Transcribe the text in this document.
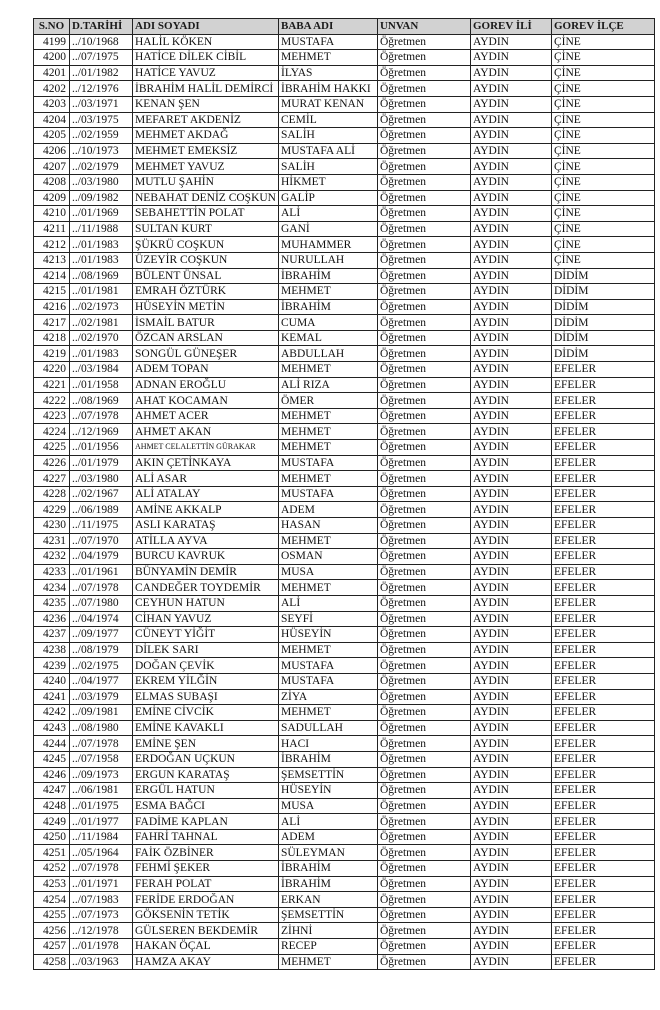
S.NO	D.TARİHİ	ADI SOYADI	BABA ADI	UNVAN	GOREV İLİ	GOREV İLÇE
4199	../10/1968	HALİL KÖKEN	MUSTAFA	Öğretmen	AYDIN	ÇİNE
4200	../07/1975	HATİCE DİLEK CİBİL	MEHMET	Öğretmen	AYDIN	ÇİNE
4201	../01/1982	HATİCE YAVUZ	İLYAS	Öğretmen	AYDIN	ÇİNE
4202	../12/1976	İBRAHİM HALİL DEMİRCİ	İBRAHİM HAKKI	Öğretmen	AYDIN	ÇİNE
4203	../03/1971	KENAN ŞEN	MURAT KENAN	Öğretmen	AYDIN	ÇİNE
4204	../03/1975	MEFARET AKDENİZ	CEMİL	Öğretmen	AYDIN	ÇİNE
4205	../02/1959	MEHMET AKDAĞ	SALİH	Öğretmen	AYDIN	ÇİNE
4206	../10/1973	MEHMET EMEKSİZ	MUSTAFA ALİ	Öğretmen	AYDIN	ÇİNE
4207	../02/1979	MEHMET YAVUZ	SALİH	Öğretmen	AYDIN	ÇİNE
4208	../03/1980	MUTLU ŞAHİN	HİKMET	Öğretmen	AYDIN	ÇİNE
4209	../09/1982	NEBAHAT DENİZ COŞKUN	GALİP	Öğretmen	AYDIN	ÇİNE
4210	../01/1969	SEBAHETTİN POLAT	ALİ	Öğretmen	AYDIN	ÇİNE
4211	../11/1988	SULTAN KURT	GANİ	Öğretmen	AYDIN	ÇİNE
4212	../01/1983	ŞÜKRÜ COŞKUN	MUHAMMER	Öğretmen	AYDIN	ÇİNE
4213	../01/1983	ÜZEYİR COŞKUN	NURULLAH	Öğretmen	AYDIN	ÇİNE
4214	../08/1969	BÜLENT ÜNSAL	İBRAHİM	Öğretmen	AYDIN	DİDİM
4215	../01/1981	EMRAH ÖZTÜRK	MEHMET	Öğretmen	AYDIN	DİDİM
4216	../02/1973	HÜSEYİN METİN	İBRAHİM	Öğretmen	AYDIN	DİDİM
4217	../02/1981	İSMAİL BATUR	CUMA	Öğretmen	AYDIN	DİDİM
4218	../02/1970	ÖZCAN ARSLAN	KEMAL	Öğretmen	AYDIN	DİDİM
4219	../01/1983	SONGÜL GÜNEŞER	ABDULLAH	Öğretmen	AYDIN	DİDİM
4220	../03/1984	ADEM TOPAN	MEHMET	Öğretmen	AYDIN	EFELER
4221	../01/1958	ADNAN EROĞLU	ALİ RIZA	Öğretmen	AYDIN	EFELER
4222	../08/1969	AHAT KOCAMAN	ÖMER	Öğretmen	AYDIN	EFELER
4223	../07/1978	AHMET ACER	MEHMET	Öğretmen	AYDIN	EFELER
4224	../12/1969	AHMET AKAN	MEHMET	Öğretmen	AYDIN	EFELER
4225	../01/1956	AHMET CELALETTİN GÜRAKAR	MEHMET	Öğretmen	AYDIN	EFELER
4226	../01/1979	AKIN ÇETİNKAYA	MUSTAFA	Öğretmen	AYDIN	EFELER
4227	../03/1980	ALİ ASAR	MEHMET	Öğretmen	AYDIN	EFELER
4228	../02/1967	ALİ ATALAY	MUSTAFA	Öğretmen	AYDIN	EFELER
4229	../06/1989	AMİNE AKKALP	ADEM	Öğretmen	AYDIN	EFELER
4230	../11/1975	ASLI KARATAŞ	HASAN	Öğretmen	AYDIN	EFELER
4231	../07/1970	ATİLLA AYVA	MEHMET	Öğretmen	AYDIN	EFELER
4232	../04/1979	BURCU KAVRUK	OSMAN	Öğretmen	AYDIN	EFELER
4233	../01/1961	BÜNYAMİN DEMİR	MUSA	Öğretmen	AYDIN	EFELER
4234	../07/1978	CANDEĞER TOYDEMİR	MEHMET	Öğretmen	AYDIN	EFELER
4235	../07/1980	CEYHUN HATUN	ALİ	Öğretmen	AYDIN	EFELER
4236	../04/1974	CİHAN YAVUZ	SEYFİ	Öğretmen	AYDIN	EFELER
4237	../09/1977	CÜNEYT YİĞİT	HÜSEYİN	Öğretmen	AYDIN	EFELER
4238	../08/1979	DİLEK SARI	MEHMET	Öğretmen	AYDIN	EFELER
4239	../02/1975	DOĞAN ÇEVİK	MUSTAFA	Öğretmen	AYDIN	EFELER
4240	../04/1977	EKREM YİLĞİN	MUSTAFA	Öğretmen	AYDIN	EFELER
4241	../03/1979	ELMAS SUBAŞI	ZİYA	Öğretmen	AYDIN	EFELER
4242	../09/1981	EMİNE CİVCİK	MEHMET	Öğretmen	AYDIN	EFELER
4243	../08/1980	EMİNE KAVAKLI	SADULLAH	Öğretmen	AYDIN	EFELER
4244	../07/1978	EMİNE ŞEN	HACI	Öğretmen	AYDIN	EFELER
4245	../07/1958	ERDOĞAN UÇKUN	İBRAHİM	Öğretmen	AYDIN	EFELER
4246	../09/1973	ERGUN KARATAŞ	ŞEMSETTİN	Öğretmen	AYDIN	EFELER
4247	../06/1981	ERGÜL HATUN	HÜSEYİN	Öğretmen	AYDIN	EFELER
4248	../01/1975	ESMA BAĞCI	MUSA	Öğretmen	AYDIN	EFELER
4249	../01/1977	FADİME KAPLAN	ALİ	Öğretmen	AYDIN	EFELER
4250	../11/1984	FAHRİ TAHNAL	ADEM	Öğretmen	AYDIN	EFELER
4251	../05/1964	FAİK ÖZBİNER	SÜLEYMAN	Öğretmen	AYDIN	EFELER
4252	../07/1978	FEHMİ ŞEKER	İBRAHİM	Öğretmen	AYDIN	EFELER
4253	../01/1971	FERAH POLAT	İBRAHİM	Öğretmen	AYDIN	EFELER
4254	../07/1983	FERİDE ERDOĞAN	ERKAN	Öğretmen	AYDIN	EFELER
4255	../07/1973	GÖKSENİN TETİK	ŞEMSETTİN	Öğretmen	AYDIN	EFELER
4256	../12/1978	GÜLSEREN BEKDEMİR	ZİHNİ	Öğretmen	AYDIN	EFELER
4257	../01/1978	HAKAN ÖÇAL	RECEP	Öğretmen	AYDIN	EFELER
4258	../03/1963	HAMZA AKAY	MEHMET	Öğretmen	AYDIN	EFELER
